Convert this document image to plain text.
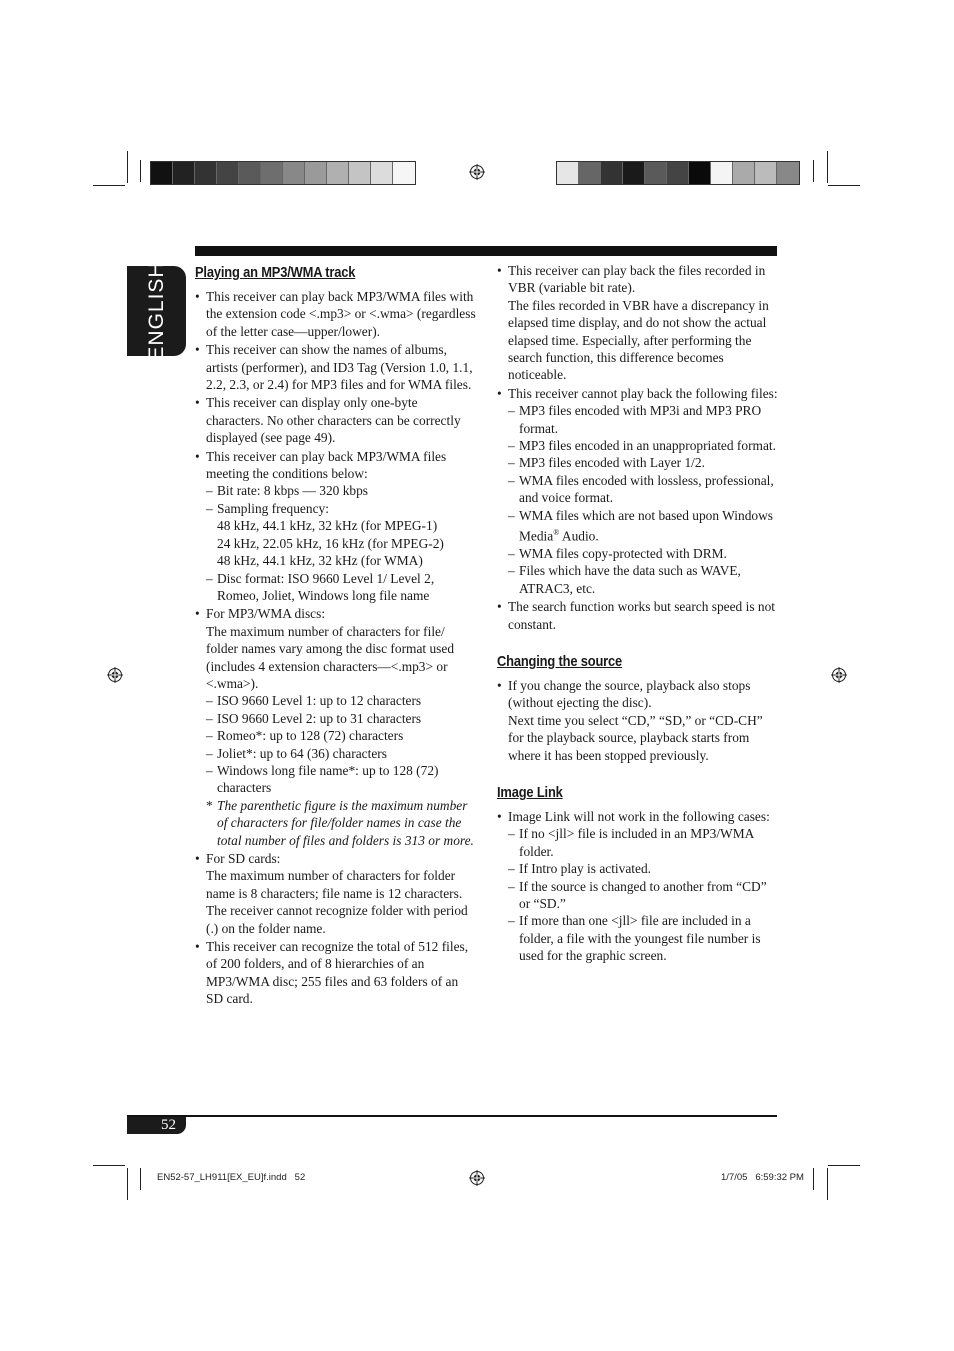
ENGLISH Playing an MP3/WMA track
• This receiver can play back MP3/WMA files with the extension code <.mp3> or <.wma> (regardless of the letter case—upper/lower).
• This receiver can show the names of albums, artists (performer), and ID3 Tag (Version 1.0, 1.1, 2.2, 2.3, or 2.4) for MP3 files and for WMA files.
• This receiver can display only one-byte characters. No other characters can be correctly displayed (see page 49).
• This receiver can play back MP3/WMA files meeting the conditions below:
– Bit rate: 8 kbps — 320 kbps
– Sampling frequency:
48 kHz, 44.1 kHz, 32 kHz (for MPEG-1)
24 kHz, 22.05 kHz, 16 kHz (for MPEG-2)
48 kHz, 44.1 kHz, 32 kHz (for WMA)
– Disc format: ISO 9660 Level 1/ Level 2, Romeo, Joliet, Windows long file name
• For MP3/WMA discs:
The maximum number of characters for file/ folder names vary among the disc format used (includes 4 extension characters—<.mp3> or <.wma>).
– ISO 9660 Level 1: up to 12 characters
– ISO 9660 Level 2: up to 31 characters
– Romeo*: up to 128 (72) characters
– Joliet*: up to 64 (36) characters
– Windows long file name*: up to 128 (72) characters
* The parenthetic figure is the maximum number of characters for file/folder names in case the total number of files and folders is 313 or more.
• For SD cards:
The maximum number of characters for folder name is 8 characters; file name is 12 characters.
The receiver cannot recognize folder with period (.) on the folder name.
• This receiver can recognize the total of 512 files, of 200 folders, and of 8 hierarchies of an MP3/WMA disc; 255 files and 63 folders of an SD card.
• This receiver can play back the files recorded in VBR (variable bit rate).
The files recorded in VBR have a discrepancy in elapsed time display, and do not show the actual elapsed time. Especially, after performing the search function, this difference becomes noticeable.
• This receiver cannot play back the following files:
– MP3 files encoded with MP3i and MP3 PRO format.
– MP3 files encoded in an unappropriated format.
– MP3 files encoded with Layer 1/2.
– WMA files encoded with lossless, professional, and voice format.
– WMA files which are not based upon Windows Media® Audio.
– WMA files copy-protected with DRM.
– Files which have the data such as WAVE, ATRAC3, etc.
• The search function works but search speed is not constant.
Changing the source
• If you change the source, playback also stops (without ejecting the disc).
Next time you select “CD,” “SD,” or “CD-CH” for the playback source, playback starts from where it has been stopped previously.
Image Link
• Image Link will not work in the following cases:
– If no <jll> file is included in an MP3/WMA folder.
– If Intro play is activated.
– If the source is changed to another from “CD” or “SD.”
– If more than one <jll> file are included in a folder, a file with the youngest file number is used for the graphic screen.
52
EN52-57_LH911[EX_EU]f.indd   52	1/7/05   6:59:32 PM
